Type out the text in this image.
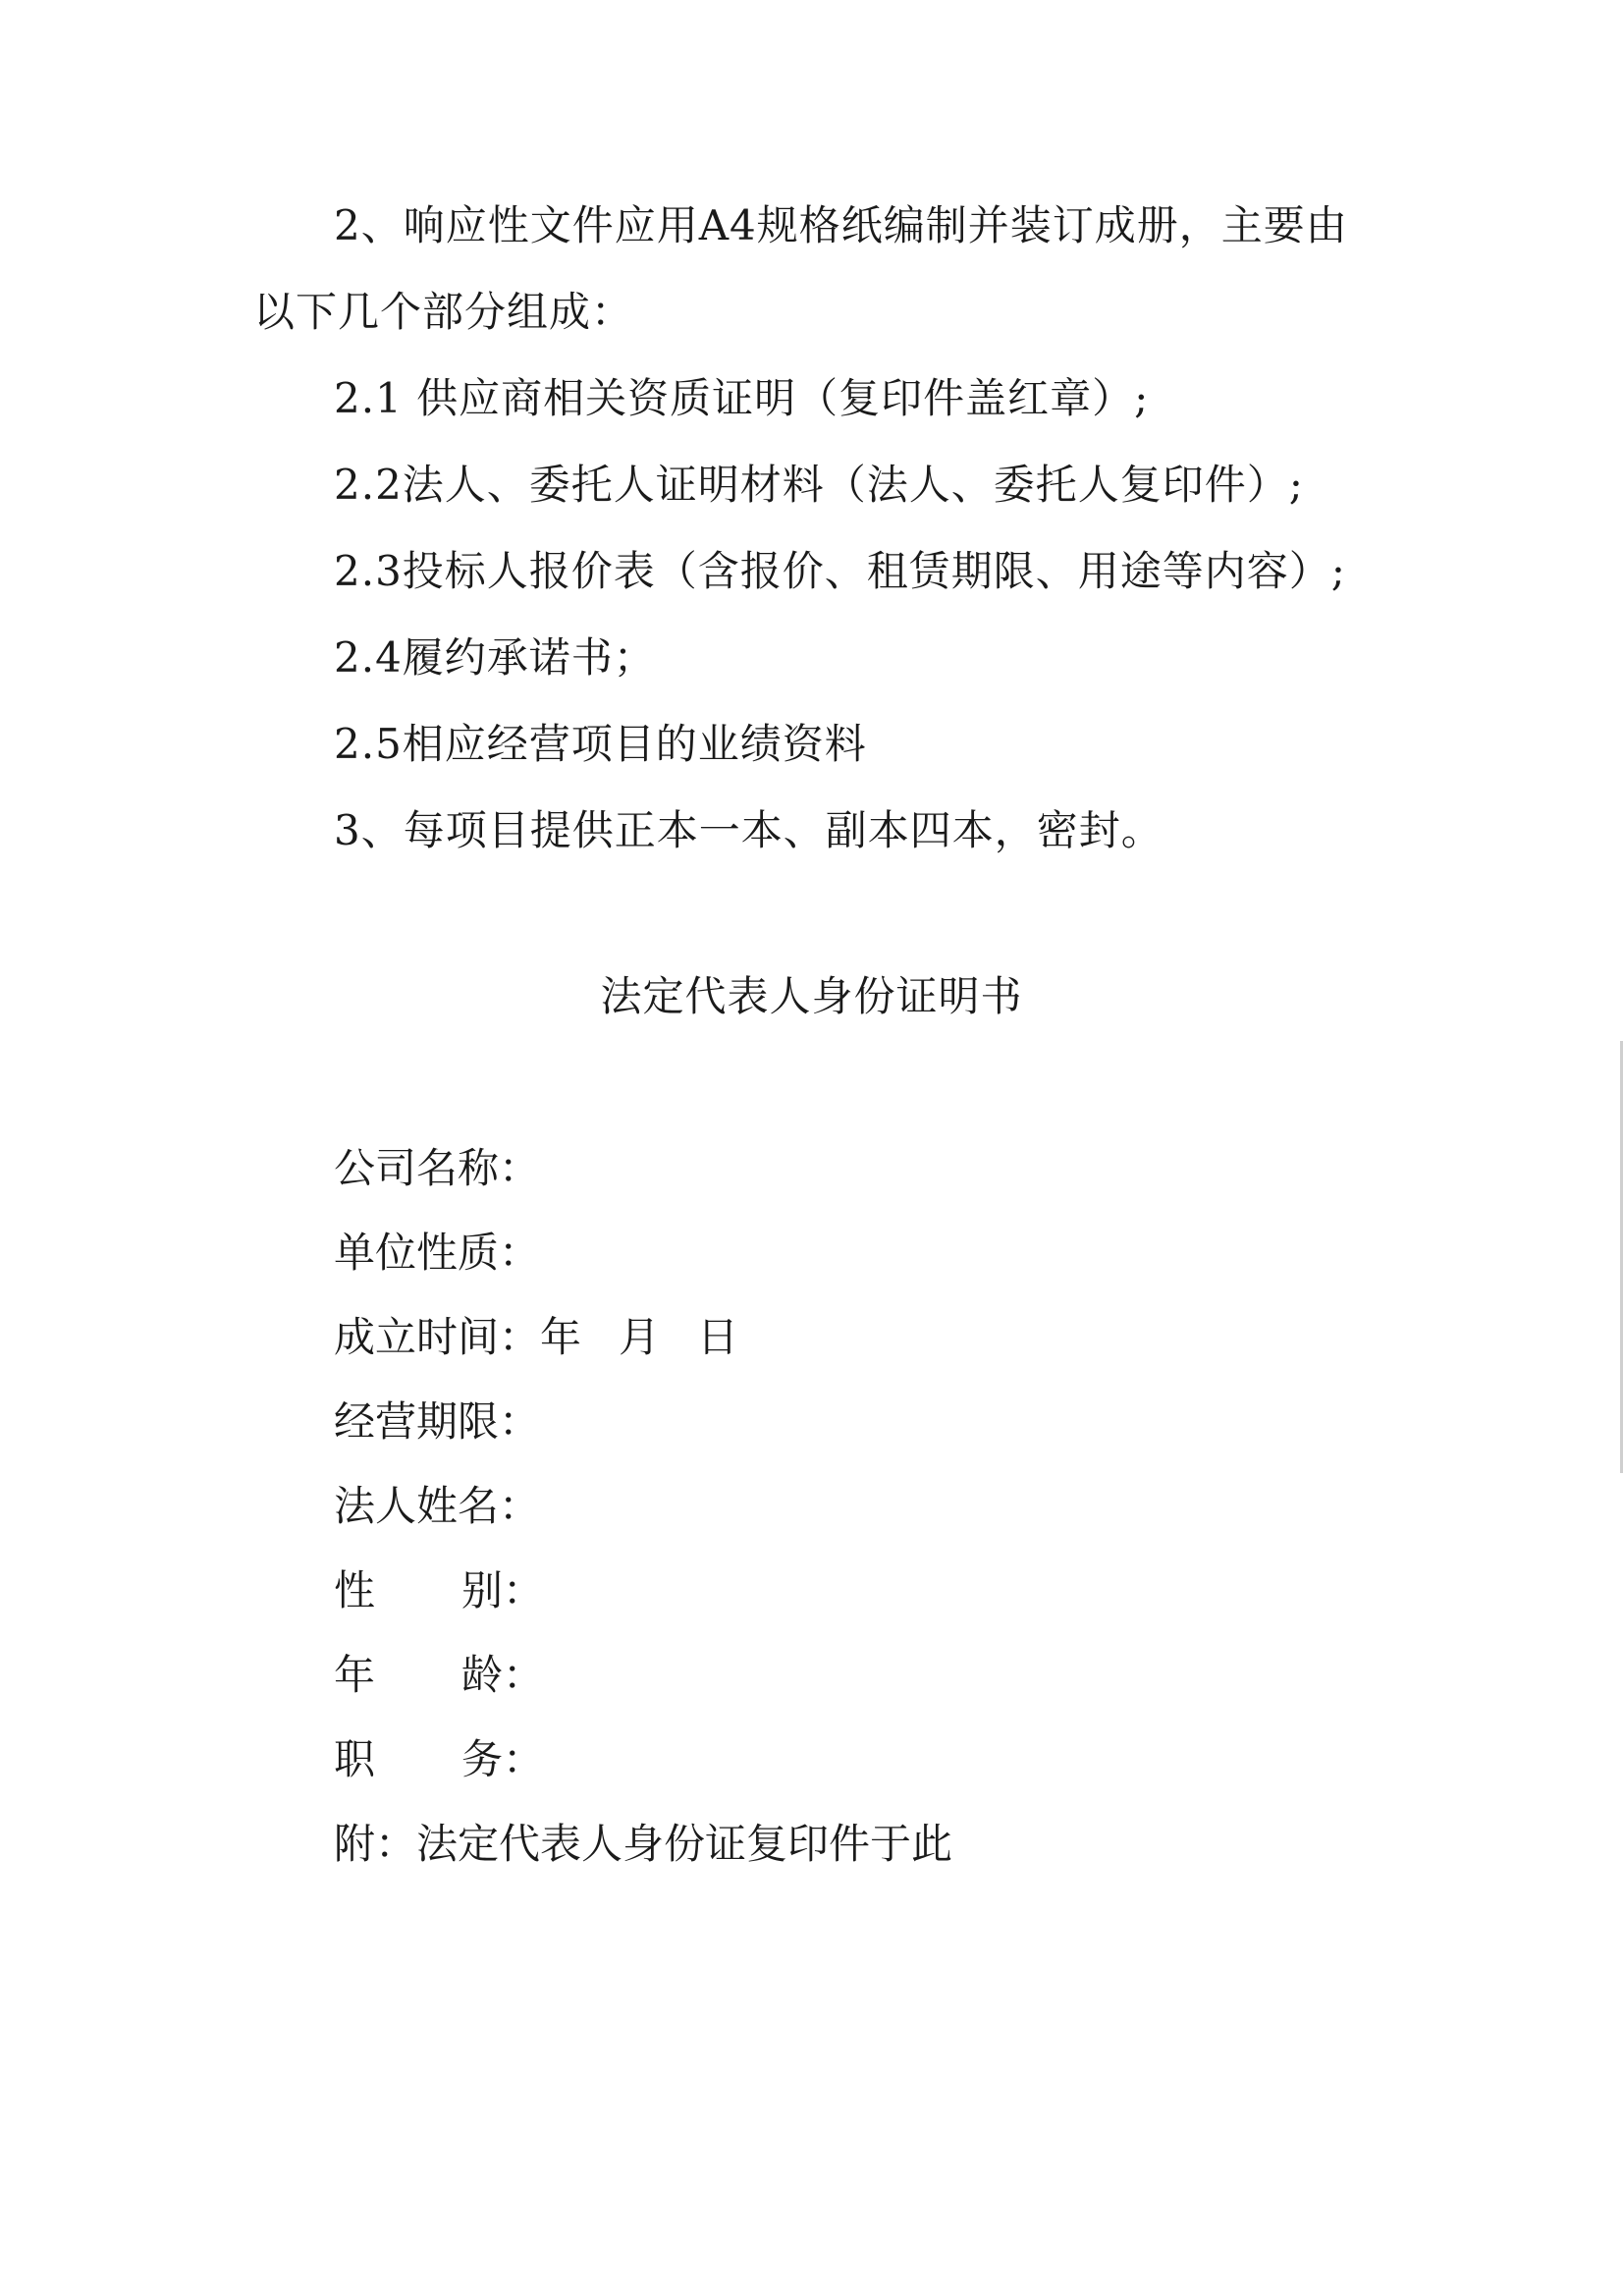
2、响应性文件应用A4规格纸编制并装订成册，主要由
以下几个部分组成：
2.1 供应商相关资质证明（复印件盖红章）;
2.2法人、委托人证明材料（法人、委托人复印件）;
2.3投标人报价表（含报价、租赁期限、用途等内容）;
2.4履约承诺书；
2.5相应经营项目的业绩资料
3、每项目提供正本一本、副本四本，密封。
法定代表人身份证明书
公司名称：
单位性质：
成立时间：年 月 日
经营期限：
法人姓名：
性 别：
年 龄：
职 务：
附：法定代表人身份证复印件于此
